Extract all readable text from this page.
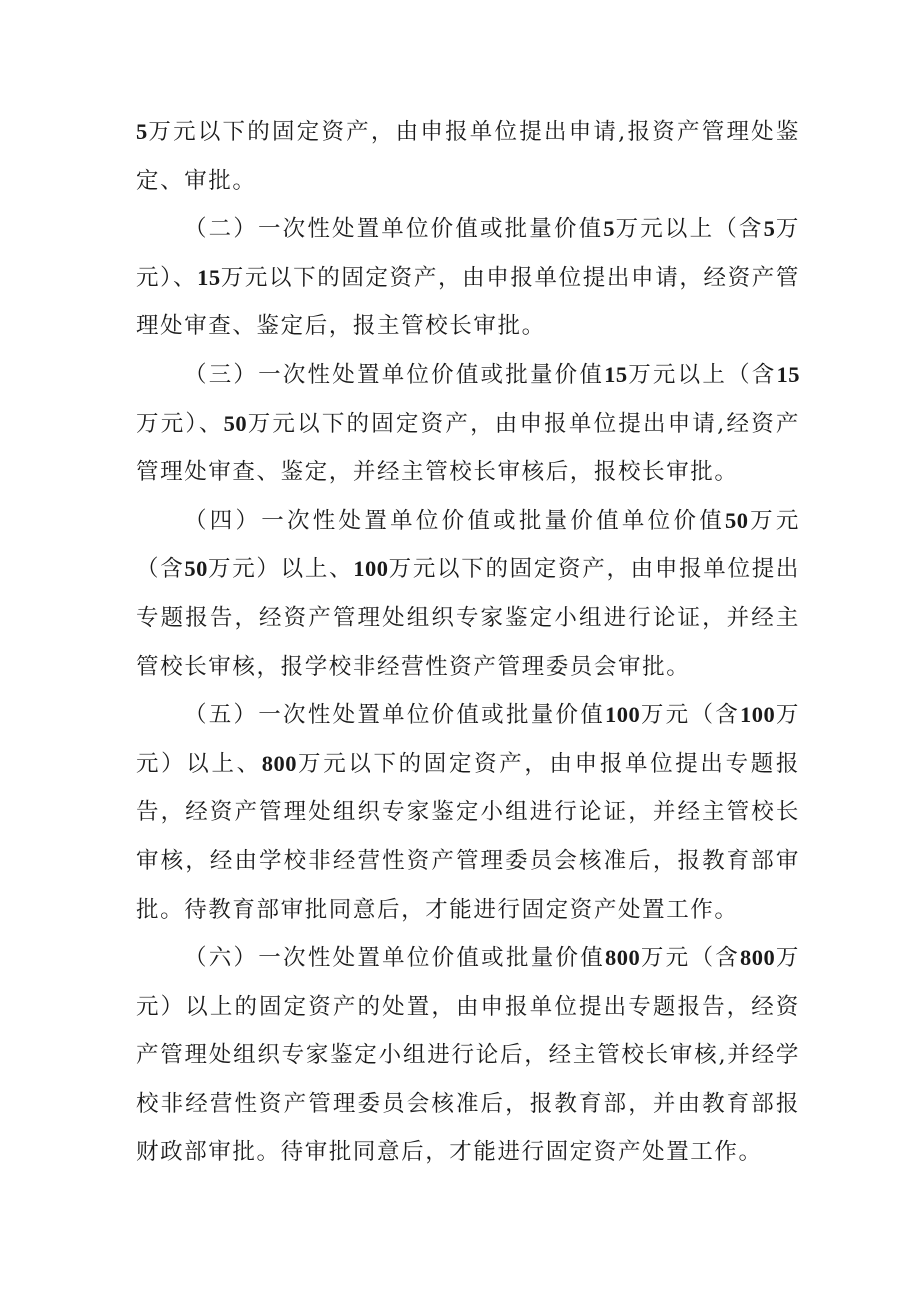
5万元以下的固定资产，由申报单位提出申请,报资产管理处鉴定、审批。

（二）一次性处置单位价值或批量价值5万元以上（含5万元）、15万元以下的固定资产，由申报单位提出申请，经资产管理处审查、鉴定后，报主管校长审批。

（三）一次性处置单位价值或批量价值15万元以上（含15万元）、50万元以下的固定资产，由申报单位提出申请,经资产管理处审查、鉴定，并经主管校长审核后，报校长审批。

（四）一次性处置单位价值或批量价值单位价值50万元（含50万元）以上、100万元以下的固定资产，由申报单位提出专题报告，经资产管理处组织专家鉴定小组进行论证，并经主管校长审核，报学校非经营性资产管理委员会审批。

（五）一次性处置单位价值或批量价值100万元（含100万元）以上、800万元以下的固定资产，由申报单位提出专题报告，经资产管理处组织专家鉴定小组进行论证，并经主管校长审核，经由学校非经营性资产管理委员会核准后，报教育部审批。待教育部审批同意后，才能进行固定资产处置工作。

（六）一次性处置单位价值或批量价值800万元（含800万元）以上的固定资产的处置，由申报单位提出专题报告，经资产管理处组织专家鉴定小组进行论后，经主管校长审核,并经学校非经营性资产管理委员会核准后，报教育部，并由教育部报财政部审批。待审批同意后，才能进行固定资产处置工作。
